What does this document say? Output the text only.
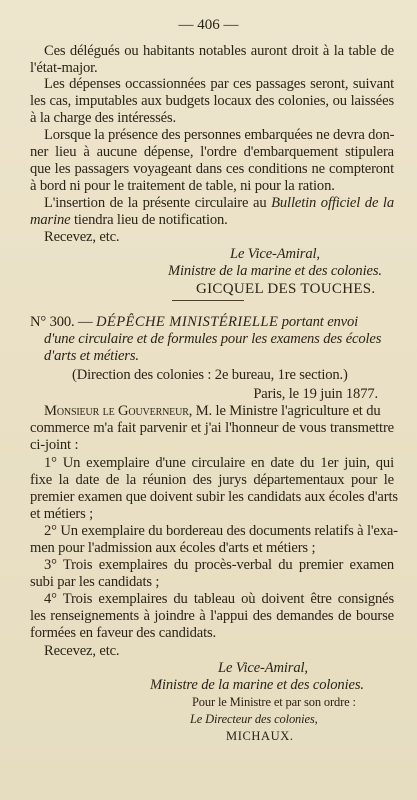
— 406 —
Ces délégués ou habitants notables auront droit à la table de
l'état-major.
Les dépenses occassionnées par ces passages seront, suivant
les cas, imputables aux budgets locaux des colonies, ou laissées
à la charge des intéressés.
Lorsque la présence des personnes embarquées ne devra don-
ner lieu à aucune dépense, l'ordre d'embarquement stipulera
que les passagers voyageant dans ces conditions ne compteront
à bord ni pour le traitement de table, ni pour la ration.
L'insertion de la présente circulaire au Bulletin officiel de la
marine tiendra lieu de notification.
Recevez, etc.
Le Vice-Amiral,
Ministre de la marine et des colonies.
GICQUEL DES TOUCHES.
N° 300. — DÉPÊCHE MINISTÉRIELLE portant envoi
d'une circulaire et de formules pour les examens des écoles
d'arts et métiers.
(Direction des colonies : 2e bureau, 1re section.)
Paris, le 19 juin 1877.
Monsieur le Gouverneur, M. le Ministre l'agriculture et du
commerce m'a fait parvenir et j'ai l'honneur de vous transmettre
ci-joint :
1° Un exemplaire d'une circulaire en date du 1er juin, qui
fixe la date de la réunion des jurys départementaux pour le
premier examen que doivent subir les candidats aux écoles d'arts
et métiers ;
2° Un exemplaire du bordereau des documents relatifs à l'exa-
men pour l'admission aux écoles d'arts et métiers ;
3° Trois exemplaires du procès-verbal du premier examen
subi par les candidats ;
4° Trois exemplaires du tableau où doivent être consignés
les renseignements à joindre à l'appui des demandes de bourse
formées en faveur des candidats.
Recevez, etc.
Le Vice-Amiral,
Ministre de la marine et des colonies.
Pour le Ministre et par son ordre :
Le Directeur des colonies,
MICHAUX.
